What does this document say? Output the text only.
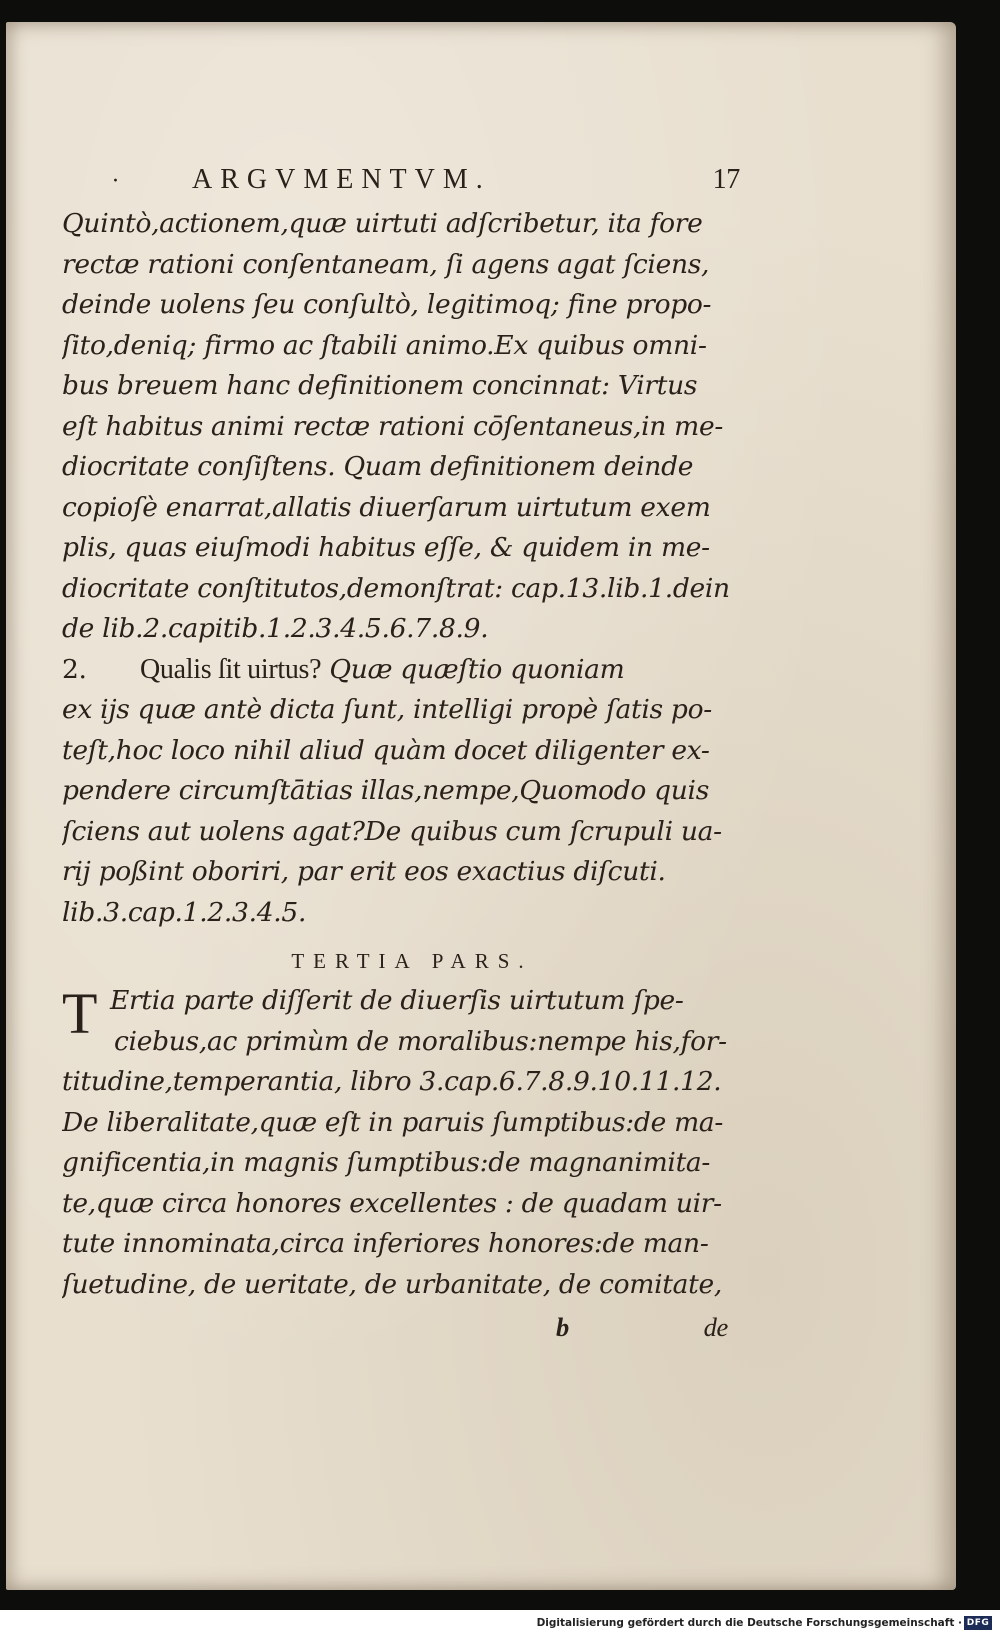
·	ARGVMENTVM.	17
Quintò,actionem,quæ uirtuti adſcribetur, ita fore
rectæ rationi conſentaneam, ſi agens agat ſciens,
deinde uolens ſeu conſultò, legitimoq; fine propo-
ſito,deniq; firmo ac ſtabili animo.Ex quibus omni-
bus breuem hanc definitionem concinnat: Virtus
eſt habitus animi rectæ rationi cōſentaneus,in me-
diocritate conſiſtens. Quam definitionem deinde
copioſè enarrat,allatis diuerſarum uirtutum exem
plis, quas eiuſmodi habitus eſſe, & quidem in me-
diocritate conſtitutos,demonſtrat: cap.13.lib.1.dein
de lib.2.capitib.1.2.3.4.5.6.7.8.9.
2. Qualis ſit uirtus? Quæ quæſtio quoniam
ex ijs quæ antè dicta ſunt, intelligi propè ſatis po-
teſt,hoc loco nihil aliud quàm docet diligenter ex-
pendere circumſtātias illas,nempe,Quomodo quis
ſciens aut uolens agat?De quibus cum ſcrupuli ua-
rij poßint oboriri, par erit eos exactius diſcuti.
lib.3.cap.1.2.3.4.5.
TERTIA PARS.
T Ertia parte diſſerit de diuerſis uirtutum ſpe-
ciebus,ac primùm de moralibus:nempe his,for-
titudine,temperantia, libro 3.cap.6.7.8.9.10.11.12.
De liberalitate,quæ eſt in paruis ſumptibus:de ma-
gnificentia,in magnis ſumptibus:de magnanimita-
te,quæ circa honores excellentes : de quadam uir-
tute innominata,circa inferiores honores:de man-
ſuetudine, de ueritate, de urbanitate, de comitate,
b	de
Digitalisierung gefördert durch die Deutsche Forschungsgemeinschaft · DFG
